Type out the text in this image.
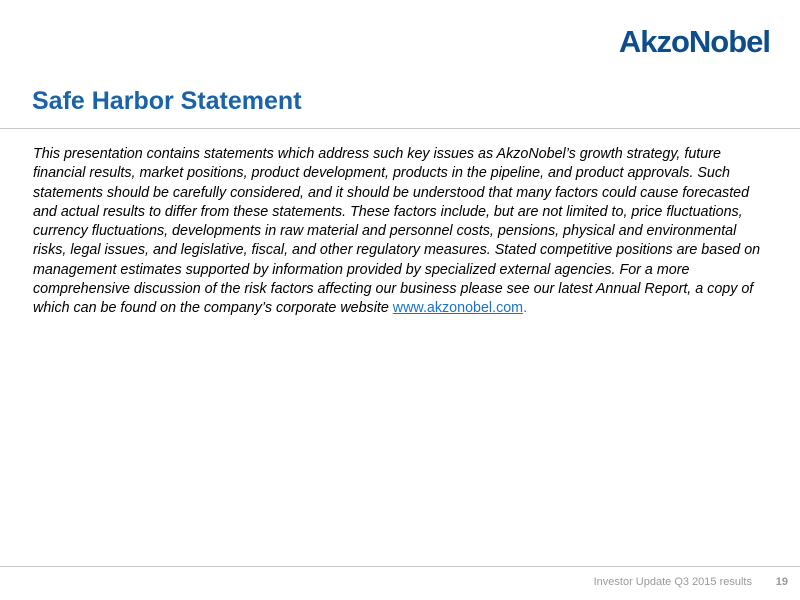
AkzoNobel
Safe Harbor Statement

This presentation contains statements which address such key issues as AkzoNobel’s growth strategy, future financial results, market positions, product development, products in the pipeline, and product approvals. Such statements should be carefully considered, and it should be understood that many factors could cause forecasted and actual results to differ from these statements. These factors include, but are not limited to, price fluctuations, currency fluctuations, developments in raw material and personnel costs, pensions, physical and environmental risks, legal issues, and legislative, fiscal, and other regulatory measures. Stated competitive positions are based on management estimates supported by information provided by specialized external agencies. For a more comprehensive discussion of the risk factors affecting our business please see our latest Annual Report, a copy of which can be found on the company’s corporate website www.akzonobel.com.

Investor Update Q3 2015 results 19
